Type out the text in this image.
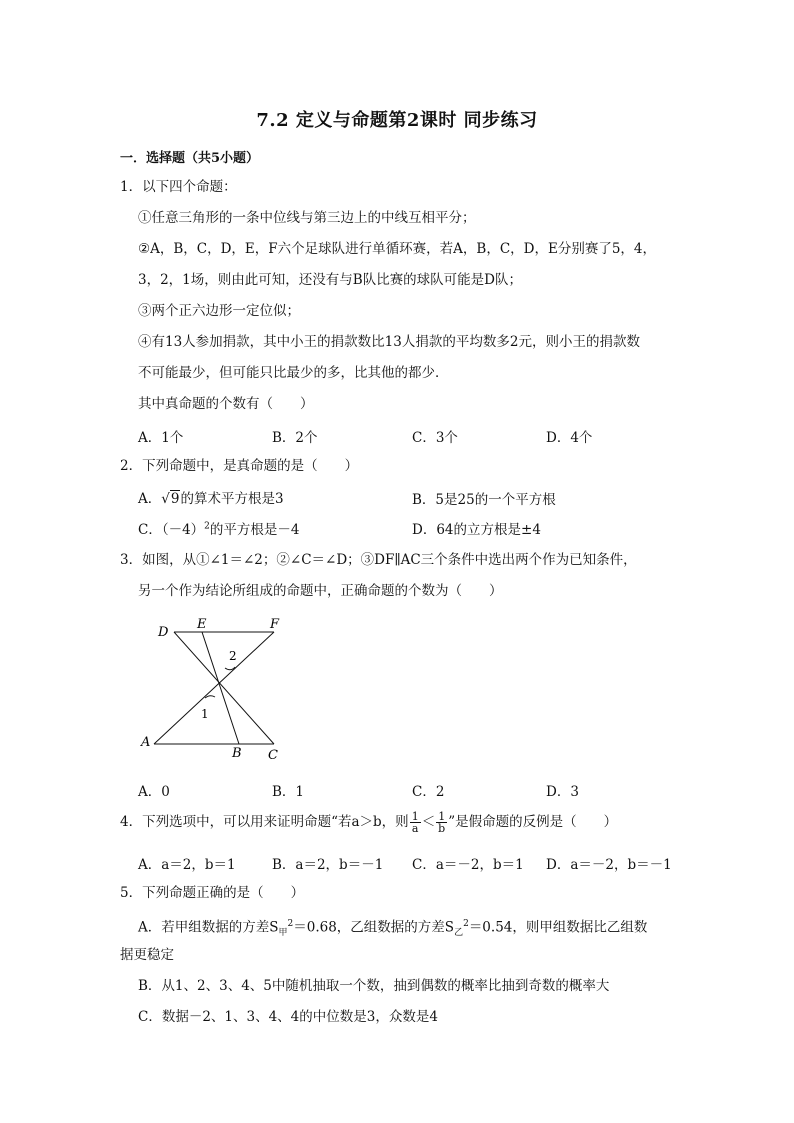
7.2 定义与命题第2课时 同步练习
一．选择题（共5小题）
1．以下四个命题：
①任意三角形的一条中位线与第三边上的中线互相平分；
②A，B，C，D，E，F六个足球队进行单循环赛，若A，B，C，D，E分别赛了5，4，
3，2，1场，则由此可知，还没有与B队比赛的球队可能是D队；
③两个正六边形一定位似；
④有13人参加捐款，其中小王的捐款数比13人捐款的平均数多2元，则小王的捐款数
不可能最少，但可能只比最少的多，比其他的都少．
其中真命题的个数有（　　）
A．1个	B．2个	C．3个	D．4个
2．下列命题中，是真命题的是（　　）
A．√9的算术平方根是3	B．5是25的一个平方根
C．$(-4)^2$的平方根是－4	D．64的立方根是±4
3．如图，从①∠1＝∠2；②∠C＝∠D；③DF∥AC三个条件中选出两个作为已知条件，
另一个作为结论所组成的命题中，正确命题的个数为（　　）
D
E	F
A
B C
1
2
A．0	B．1	C．2	D．3
4．下列选项中，可以用来证明命题“若a＞b，则 $\frac{1}{a} < \frac{1}{b}$ ”是假命题的反例是（　　）
A．a＝2，b＝1	B．a＝2，b＝－1 C．a＝－2，b＝1 D．a＝－2，b＝－1
5．下列命题正确的是（　　）
A．若甲组数据的方差$S_甲^2=0.68$，乙组数据的方差$S_乙^2=0.54$，则甲组数据比乙组数
据更稳定
B．从1、2、3、4、5中随机抽取一个数，抽到偶数的概率比抽到奇数的概率大
C．数据－2、1、3、4、4的中位数是3，众数是4
